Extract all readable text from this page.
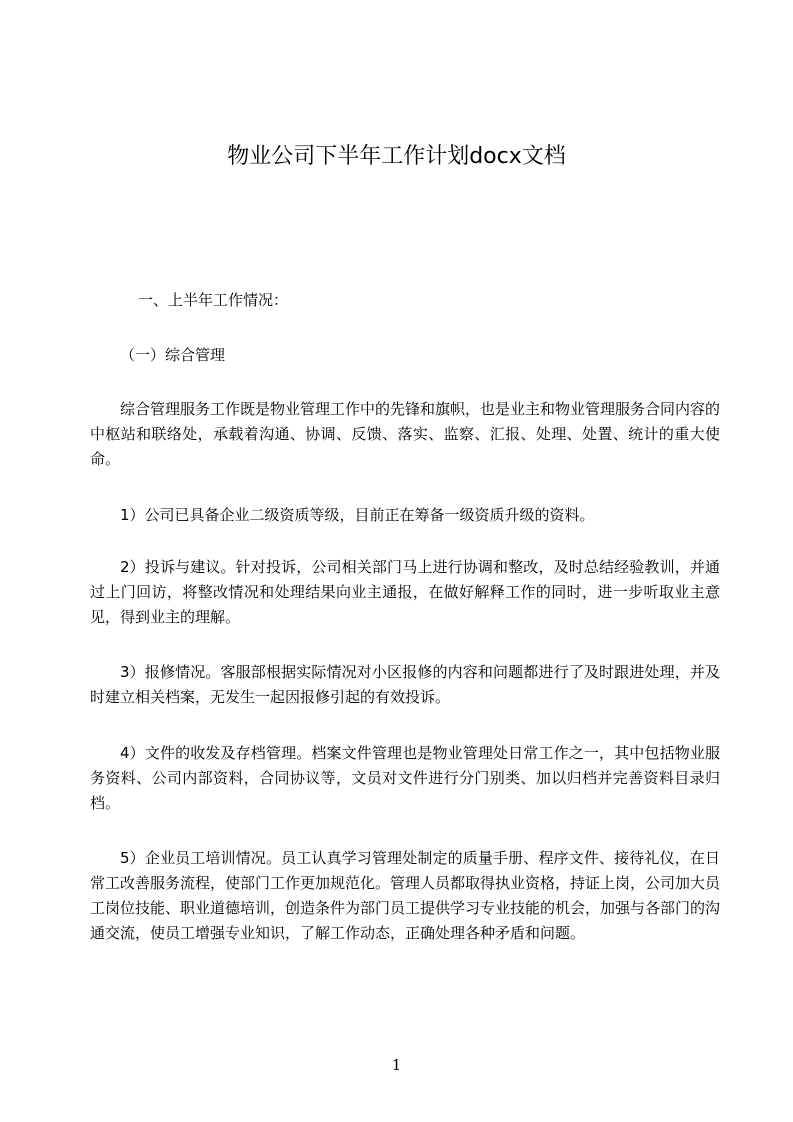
物业公司下半年工作计划docx文档
一、上半年工作情况：
（一）综合管理
综合管理服务工作既是物业管理工作中的先锋和旗帜，也是业主和物业管理服务合同内容的中枢站和联络处，承载着沟通、协调、反馈、落实、监察、汇报、处理、处置、统计的重大使命。
1）公司已具备企业二级资质等级，目前正在筹备一级资质升级的资料。
2）投诉与建议。针对投诉，公司相关部门马上进行协调和整改，及时总结经验教训，并通过上门回访，将整改情况和处理结果向业主通报，在做好解释工作的同时，进一步听取业主意见，得到业主的理解。
3）报修情况。客服部根据实际情况对小区报修的内容和问题都进行了及时跟进处理，并及时建立相关档案，无发生一起因报修引起的有效投诉。
4）文件的收发及存档管理。档案文件管理也是物业管理处日常工作之一，其中包括物业服务资料、公司内部资料，合同协议等，文员对文件进行分门别类、加以归档并完善资料目录归档。
5）企业员工培训情况。员工认真学习管理处制定的质量手册、程序文件、接待礼仪，在日常工改善服务流程，使部门工作更加规范化。管理人员都取得执业资格，持证上岗，公司加大员工岗位技能、职业道德培训，创造条件为部门员工提供学习专业技能的机会，加强与各部门的沟通交流，使员工增强专业知识，了解工作动态，正确处理各种矛盾和问题。
1
